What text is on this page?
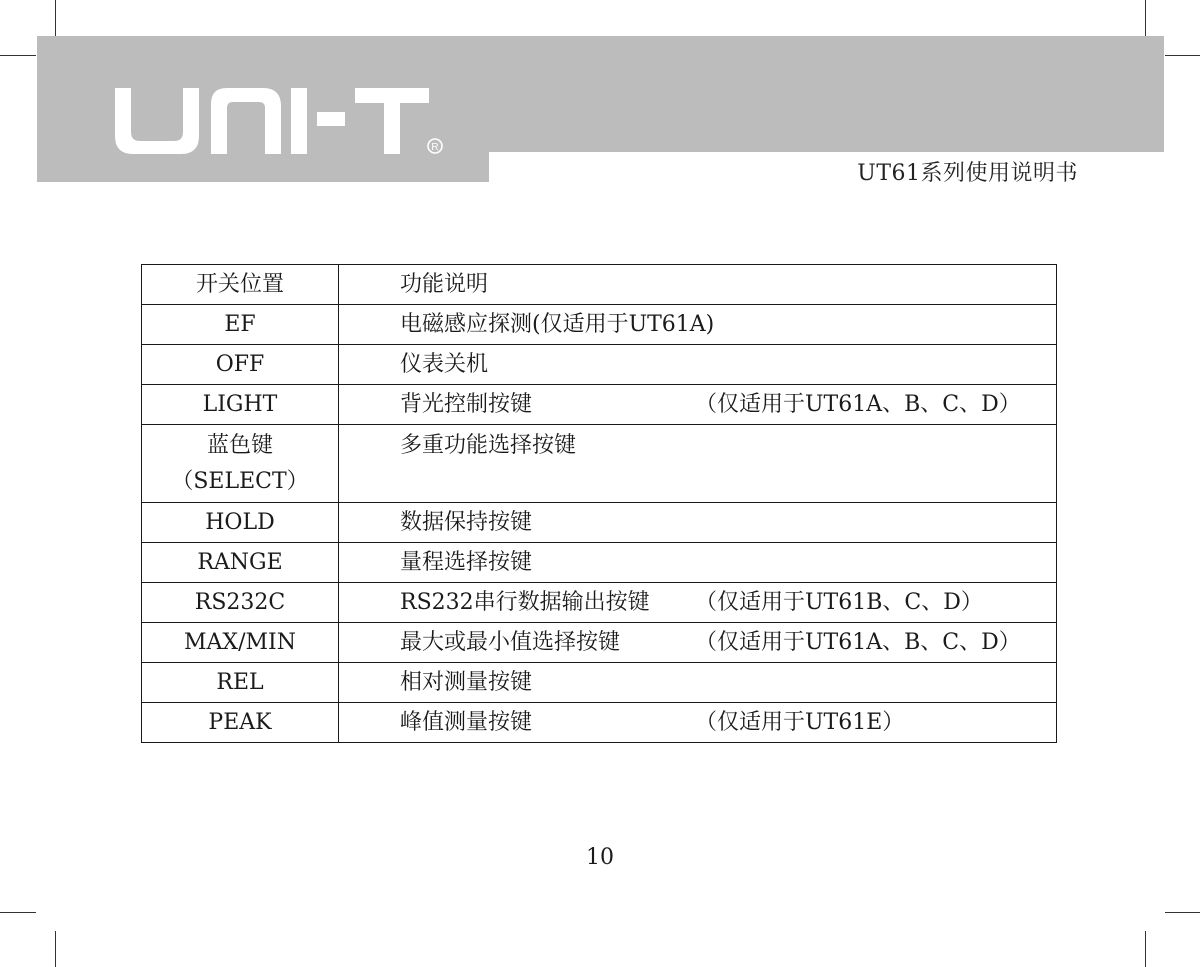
R
UT61系列使用说明书
开关位置	功能说明
EF	电磁感应探测(仅适用于UT61A)
OFF	仪表关机
LIGHT	背光控制按键 （仅适用于UT61A、B、C、D）

蓝色键
（SELECT）	多重功能选择按键
HOLD	数据保持按键
RANGE	量程选择按键
RS232C	RS232串行数据输出按键 （仅适用于UT61B、C、D）
MAX/MIN	最大或最小值选择按键 （仅适用于UT61A、B、C、D）
REL	相对测量按键
PEAK	峰值测量按键 （仅适用于UT61E）
10
